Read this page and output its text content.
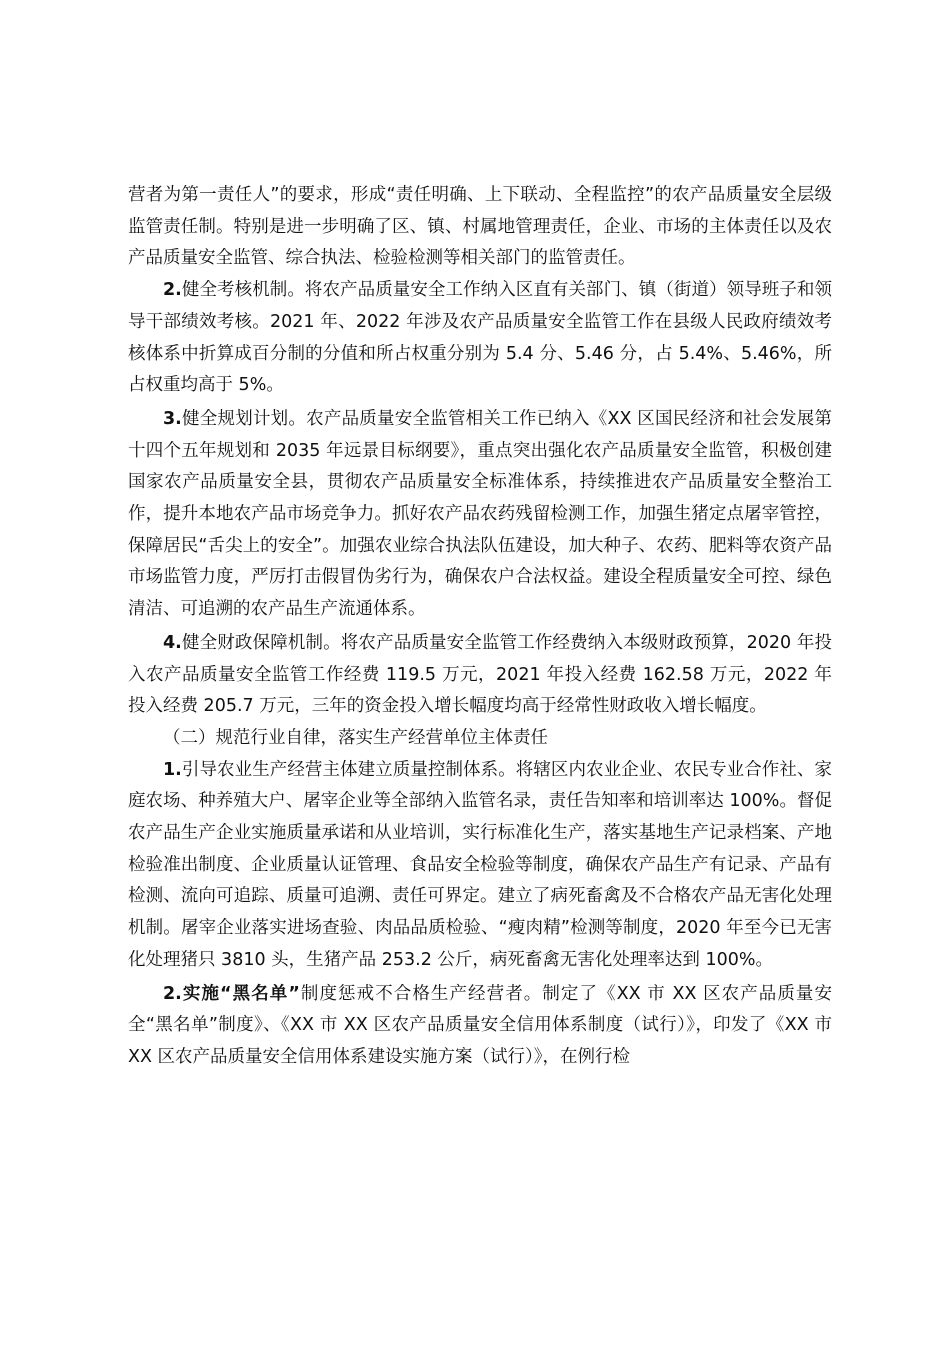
营者为第一责任人”的要求，形成“责任明确、上下联动、全程监控”的农产品质量安全层级监管责任制。特别是进一步明确了区、镇、村属地管理责任，企业、市场的主体责任以及农产品质量安全监管、综合执法、检验检测等相关部门的监管责任。

2.健全考核机制。将农产品质量安全工作纳入区直有关部门、镇（街道）领导班子和领导干部绩效考核。2021 年、2022 年涉及农产品质量安全监管工作在县级人民政府绩效考核体系中折算成百分制的分值和所占权重分别为 5.4 分、5.46 分，占 5.4%、5.46%，所占权重均高于 5%。

3.健全规划计划。农产品质量安全监管相关工作已纳入《XX 区国民经济和社会发展第十四个五年规划和 2035 年远景目标纲要》，重点突出强化农产品质量安全监管，积极创建国家农产品质量安全县，贯彻农产品质量安全标准体系，持续推进农产品质量安全整治工作，提升本地农产品市场竞争力。抓好农产品农药残留检测工作，加强生猪定点屠宰管控，保障居民“舌尖上的安全”。加强农业综合执法队伍建设，加大种子、农药、肥料等农资产品市场监管力度，严厉打击假冒伪劣行为，确保农户合法权益。建设全程质量安全可控、绿色清洁、可追溯的农产品生产流通体系。

4.健全财政保障机制。将农产品质量安全监管工作经费纳入本级财政预算，2020 年投入农产品质量安全监管工作经费 119.5 万元，2021 年投入经费 162.58 万元，2022 年投入经费 205.7 万元，三年的资金投入增长幅度均高于经常性财政收入增长幅度。

（二）规范行业自律，落实生产经营单位主体责任

1.引导农业生产经营主体建立质量控制体系。将辖区内农业企业、农民专业合作社、家庭农场、种养殖大户、屠宰企业等全部纳入监管名录，责任告知率和培训率达 100%。督促农产品生产企业实施质量承诺和从业培训，实行标准化生产，落实基地生产记录档案、产地检验准出制度、企业质量认证管理、食品安全检验等制度，确保农产品生产有记录、产品有检测、流向可追踪、质量可追溯、责任可界定。建立了病死畜禽及不合格农产品无害化处理机制。屠宰企业落实进场查验、肉品品质检验、“瘦肉精”检测等制度，2020 年至今已无害化处理猪只 3810 头，生猪产品 253.2 公斤，病死畜禽无害化处理率达到 100%。

2.实施“黑名单”制度惩戒不合格生产经营者。制定了《XX 市 XX 区农产品质量安全“黑名单”制度》、《XX 市 XX 区农产品质量安全信用体系制度（试行）》，印发了《XX 市 XX 区农产品质量安全信用体系建设实施方案（试行）》，在例行检
